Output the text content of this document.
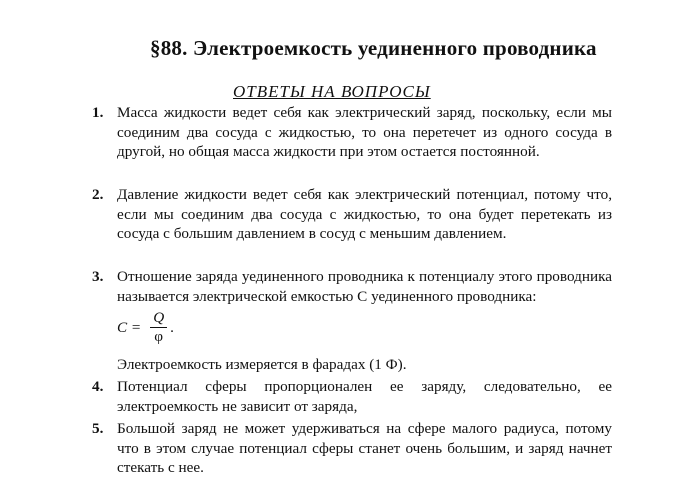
§88. Электроемкость уединенного проводника
ОТВЕТЫ НА ВОПРОСЫ
1. Масса жидкости ведет себя как электрический заряд, поскольку, если мы соединим два сосуда с жидкостью, то она перетечет из одного сосуда в другой, но общая масса жидкости при этом остается постоянной.
2. Давление жидкости ведет себя как электрический потенциал, потому что, если мы соединим два сосуда с жидкостью, то она будет перетекать из сосуда с большим давлением в сосуд с меньшим давлением.
3. Отношение заряда уединенного проводника к потенциалу этого проводника называется электрической емкостью С уединенного проводника:
$С = \frac{Q}{\varphi}$ .
Электроемкость измеряется в фарадах (1 Ф).
4. Потенциал сферы пропорционален ее заряду, следовательно, ее электроемкость не зависит от заряда,
5. Большой заряд не может удерживаться на сфере малого радиуса, потому что в этом случае потенциал сферы станет очень большим, и заряд начнет стекать с нее.
